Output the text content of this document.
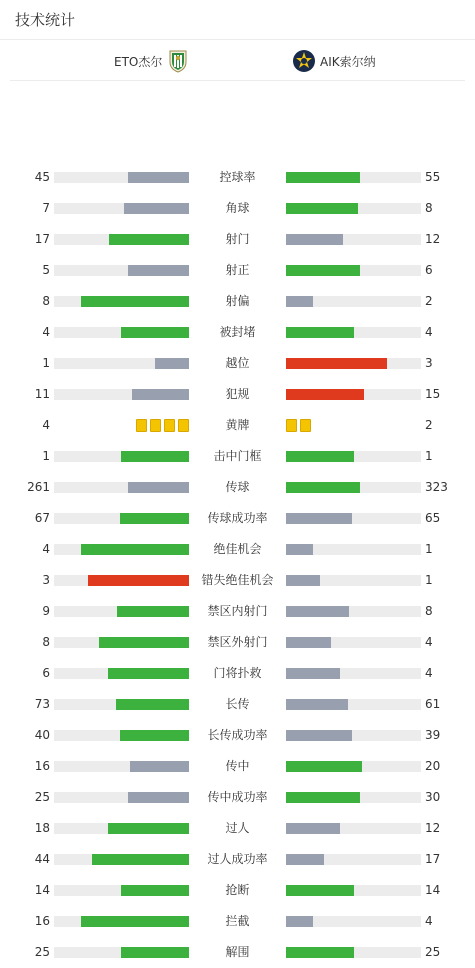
技术统计
ETO杰尔	AIK索尔纳
45	控球率	55
7	角球	8
17	射门	12
5	射正	6
8	射偏	2
4	被封堵	4
1	越位	3
11	犯规	15
4	黄牌	2
1	击中门框	1
261	传球	323
67	传球成功率	65
4	绝佳机会	1
3	错失绝佳机会	1
9	禁区内射门	8
8	禁区外射门	4
6	门将扑救	4
73	长传	61
40	长传成功率	39
16	传中	20
25	传中成功率	30
18	过人	12
44	过人成功率	17
14	抢断	14
16	拦截	4
25	解围	25
